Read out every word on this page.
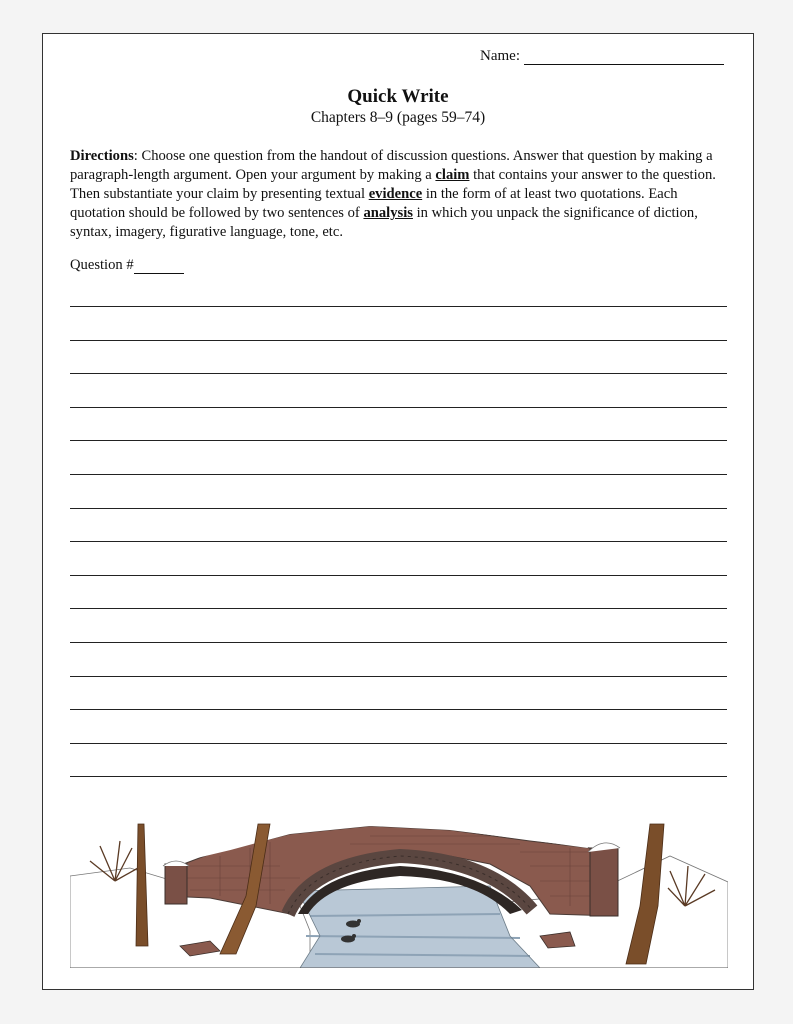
Name:
Quick Write
Chapters 8–9 (pages 59–74)
Directions: Choose one question from the handout of discussion questions. Answer that question by making a paragraph-length argument. Open your argument by making a claim that contains your answer to the question. Then substantiate your claim by presenting textual evidence in the form of at least two quotations. Each quotation should be followed by two sentences of analysis in which you unpack the significance of diction, syntax, imagery, figurative language, tone, etc.
Question #
